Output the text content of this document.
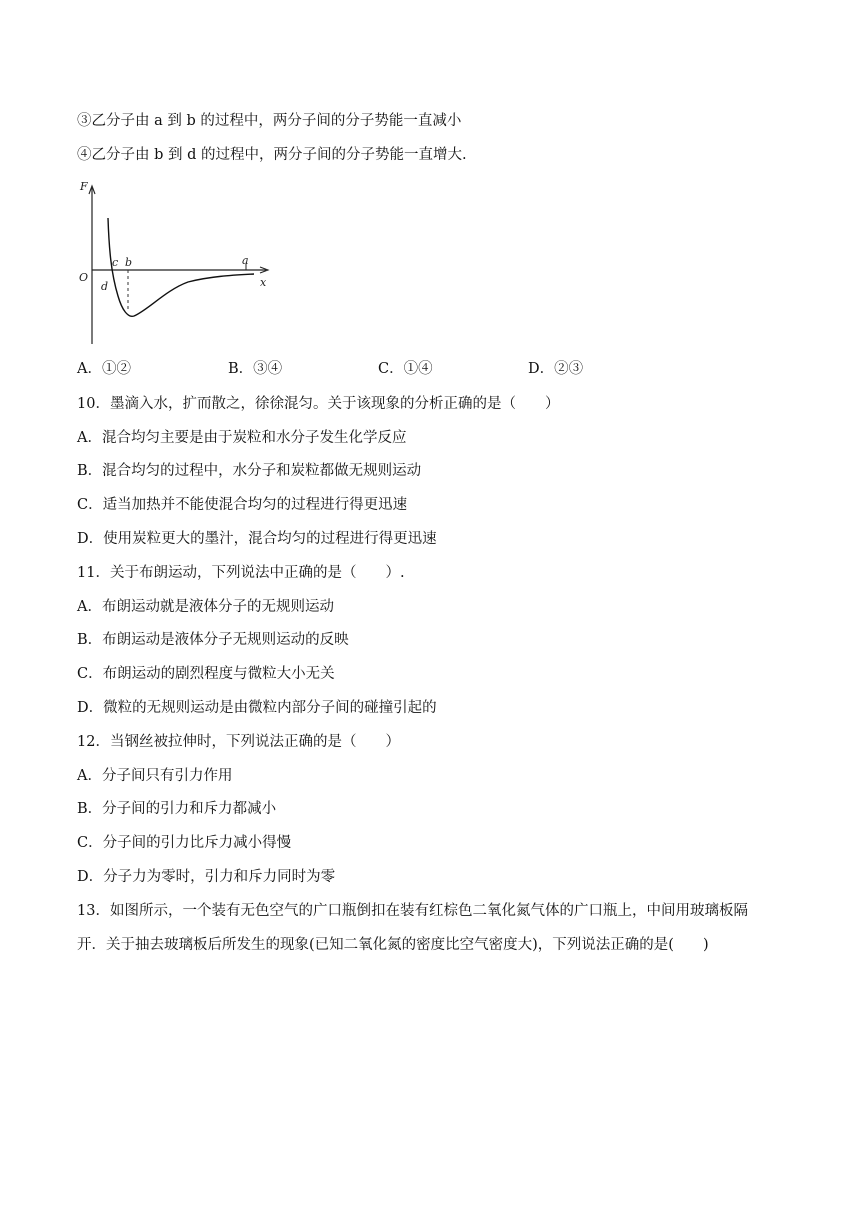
③乙分子由 a 到 b 的过程中，两分子间的分子势能一直减小
④乙分子由 b 到 d 的过程中，两分子间的分子势能一直增大.
F
x
O
c b	a
d
A．①②	B．③④	C．①④	D．②③
10．墨滴入水，扩而散之，徐徐混匀。关于该现象的分析正确的是（　　）
A．混合均匀主要是由于炭粒和水分子发生化学反应
B．混合均匀的过程中，水分子和炭粒都做无规则运动
C．适当加热并不能使混合均匀的过程进行得更迅速
D．使用炭粒更大的墨汁，混合均匀的过程进行得更迅速
11．关于布朗运动，下列说法中正确的是（　　）.
A．布朗运动就是液体分子的无规则运动
B．布朗运动是液体分子无规则运动的反映
C．布朗运动的剧烈程度与微粒大小无关
D．微粒的无规则运动是由微粒内部分子间的碰撞引起的
12．当钢丝被拉伸时，下列说法正确的是（　　）
A．分子间只有引力作用
B．分子间的引力和斥力都减小
C．分子间的引力比斥力减小得慢
D．分子力为零时，引力和斥力同时为零
13．如图所示，一个装有无色空气的广口瓶倒扣在装有红棕色二氧化氮气体的广口瓶上，中间用玻璃板隔
开．关于抽去玻璃板后所发生的现象(已知二氧化氮的密度比空气密度大)，下列说法正确的是(　　)
